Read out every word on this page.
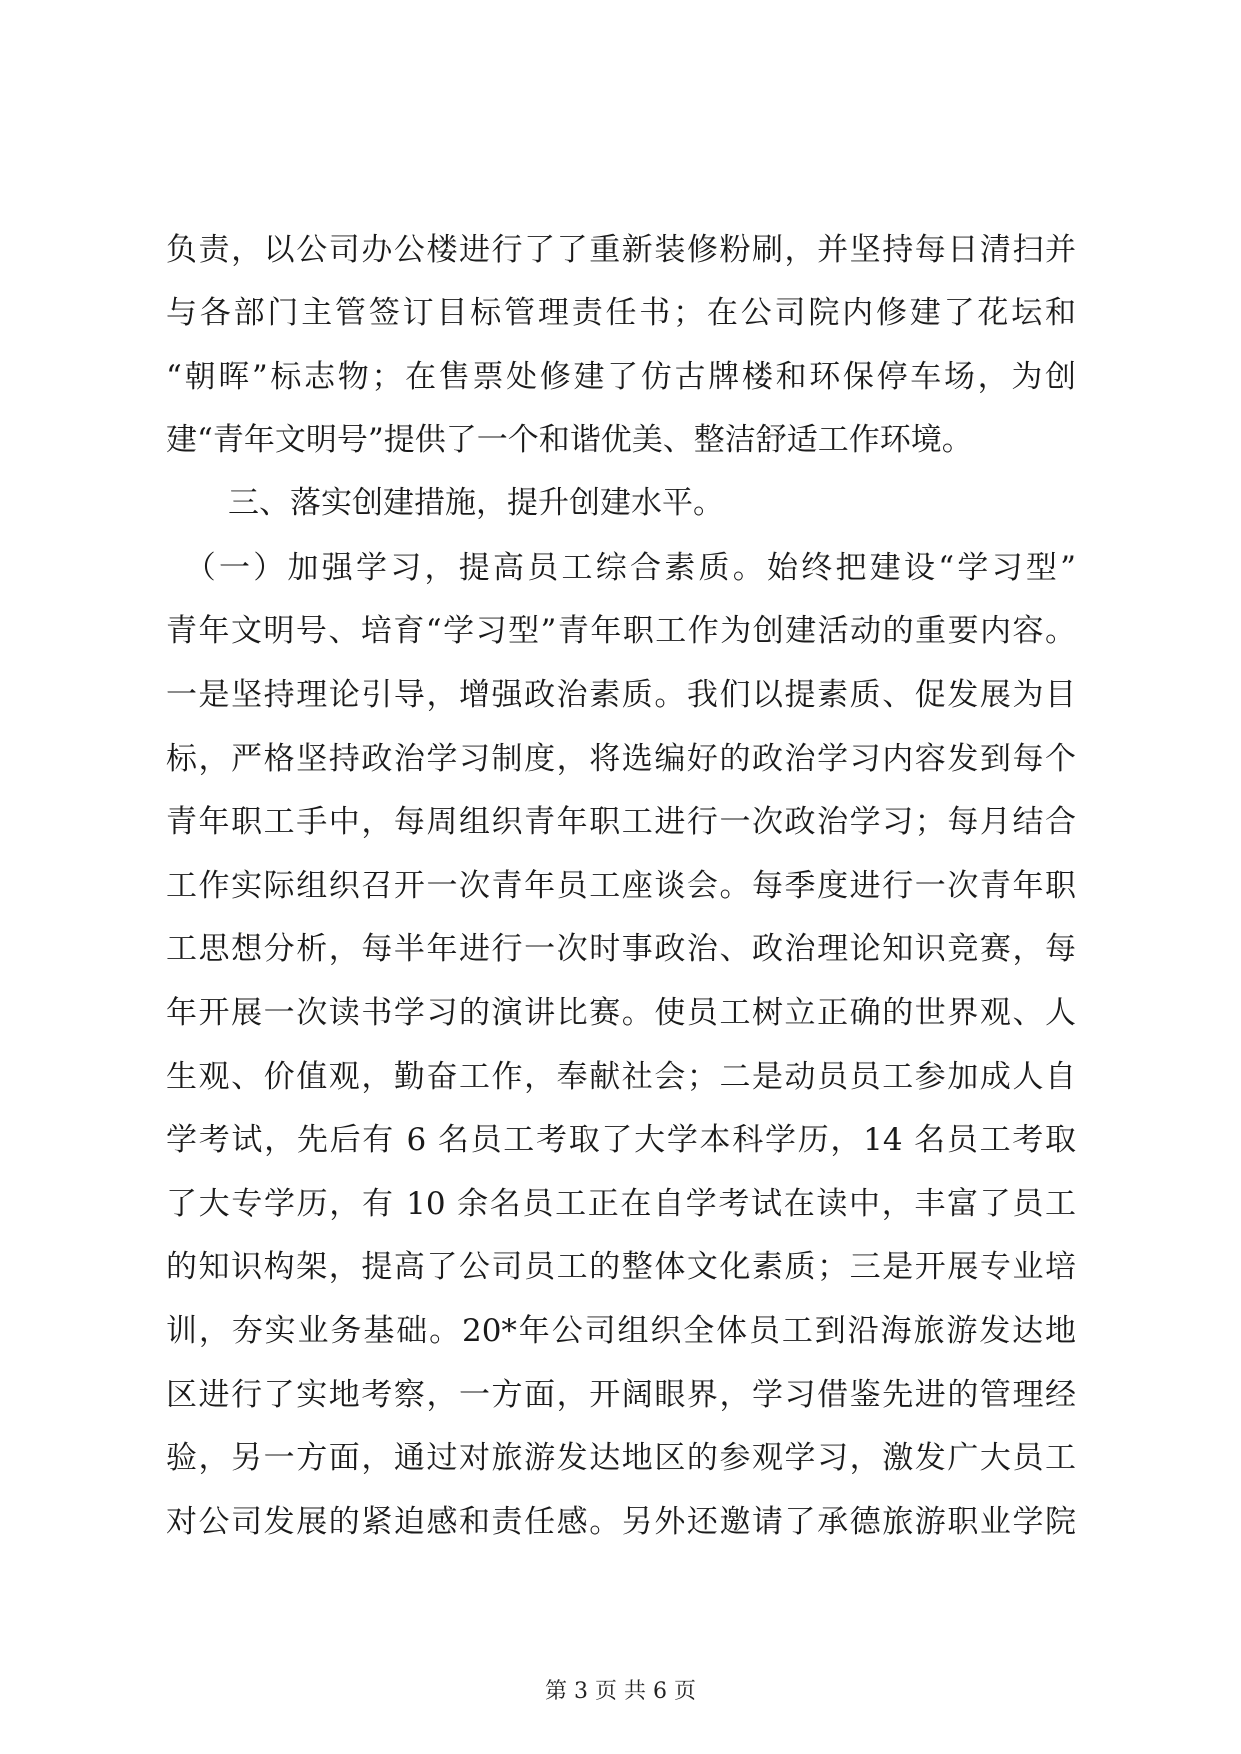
负责，以公司办公楼进行了了重新装修粉刷，并坚持每日清扫并
与各部门主管签订目标管理责任书；在公司院内修建了花坛和
“朝晖”标志物；在售票处修建了仿古牌楼和环保停车场，为创
建“青年文明号”提供了一个和谐优美、整洁舒适工作环境。
　　三、落实创建措施，提升创建水平。
　（一）加强学习，提高员工综合素质。始终把建设“学习型”
青年文明号、培育“学习型”青年职工作为创建活动的重要内容。
一是坚持理论引导，增强政治素质。我们以提素质、促发展为目
标，严格坚持政治学习制度，将选编好的政治学习内容发到每个
青年职工手中，每周组织青年职工进行一次政治学习；每月结合
工作实际组织召开一次青年员工座谈会。每季度进行一次青年职
工思想分析，每半年进行一次时事政治、政治理论知识竞赛，每
年开展一次读书学习的演讲比赛。使员工树立正确的世界观、人
生观、价值观，勤奋工作，奉献社会；二是动员员工参加成人自
学考试，先后有 6 名员工考取了大学本科学历，14 名员工考取
了大专学历，有 10 余名员工正在自学考试在读中，丰富了员工
的知识构架，提高了公司员工的整体文化素质；三是开展专业培
训，夯实业务基础。20*年公司组织全体员工到沿海旅游发达地
区进行了实地考察，一方面，开阔眼界，学习借鉴先进的管理经
验，另一方面，通过对旅游发达地区的参观学习，激发广大员工
对公司发展的紧迫感和责任感。另外还邀请了承德旅游职业学院
第 3 页 共 6 页
